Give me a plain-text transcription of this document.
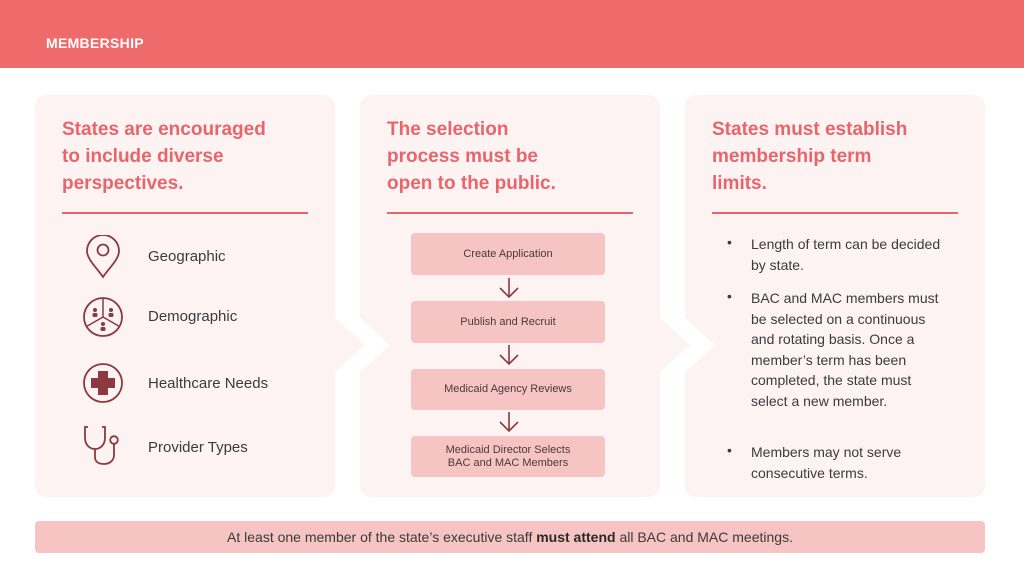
MEMBERSHIP
States are encouraged
to include diverse
perspectives.
Geographic
Demographic
Healthcare Needs
Provider Types
The selection
process must be
open to the public.
Create Application
Publish and Recruit
Medicaid Agency Reviews
Medicaid Director Selects
BAC and MAC Members
States must establish
membership term
limits.
• Length of term can be decided by state.
• BAC and MAC members must be selected on a continuous and rotating basis. Once a member’s term has been completed, the state must select a new member.
• Members may not serve consecutive terms.
At least one member of the state’s executive staff must attend all BAC and MAC meetings.
